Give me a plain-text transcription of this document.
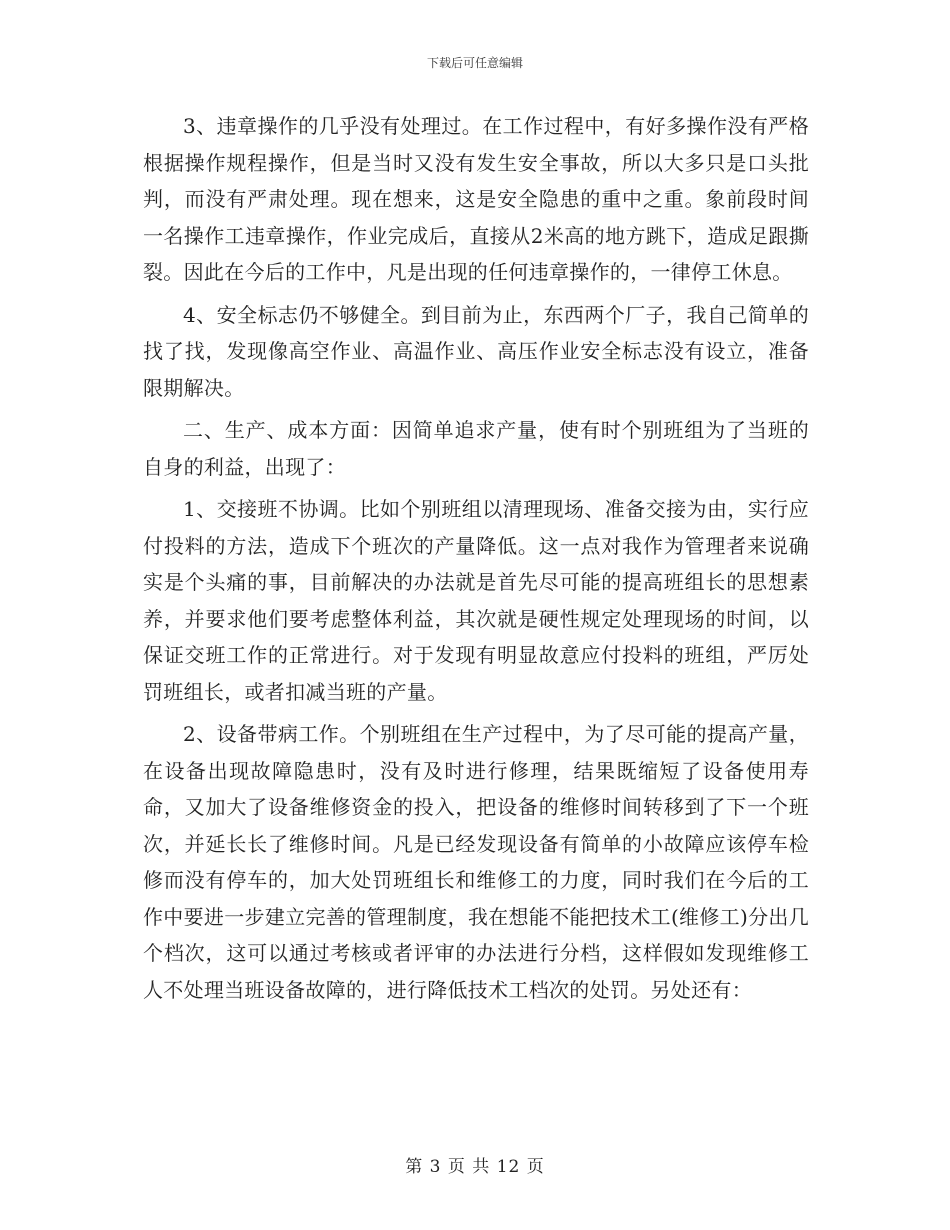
下载后可任意编辑

3、违章操作的几乎没有处理过。在工作过程中，有好多操作没有严格根据操作规程操作，但是当时又没有发生安全事故，所以大多只是口头批判，而没有严肃处理。现在想来，这是安全隐患的重中之重。象前段时间一名操作工违章操作，作业完成后，直接从2米高的地方跳下，造成足跟撕裂。因此在今后的工作中，凡是出现的任何违章操作的，一律停工休息。

4、安全标志仍不够健全。到目前为止，东西两个厂子，我自己简单的找了找，发现像高空作业、高温作业、高压作业安全标志没有设立，准备限期解决。

二、生产、成本方面：因简单追求产量，使有时个别班组为了当班的自身的利益，出现了：

1、交接班不协调。比如个别班组以清理现场、准备交接为由，实行应付投料的方法，造成下个班次的产量降低。这一点对我作为管理者来说确实是个头痛的事，目前解决的办法就是首先尽可能的提高班组长的思想素养，并要求他们要考虑整体利益，其次就是硬性规定处理现场的时间，以保证交班工作的正常进行。对于发现有明显故意应付投料的班组，严厉处罚班组长，或者扣减当班的产量。

2、设备带病工作。个别班组在生产过程中，为了尽可能的提高产量，在设备出现故障隐患时，没有及时进行修理，结果既缩短了设备使用寿命，又加大了设备维修资金的投入，把设备的维修时间转移到了下一个班次，并延长长了维修时间。凡是已经发现设备有简单的小故障应该停车检修而没有停车的，加大处罚班组长和维修工的力度，同时我们在今后的工作中要进一步建立完善的管理制度，我在想能不能把技术工(维修工)分出几个档次，这可以通过考核或者评审的办法进行分档，这样假如发现维修工人不处理当班设备故障的，进行降低技术工档次的处罚。另处还有：

第 3 页 共 12 页
